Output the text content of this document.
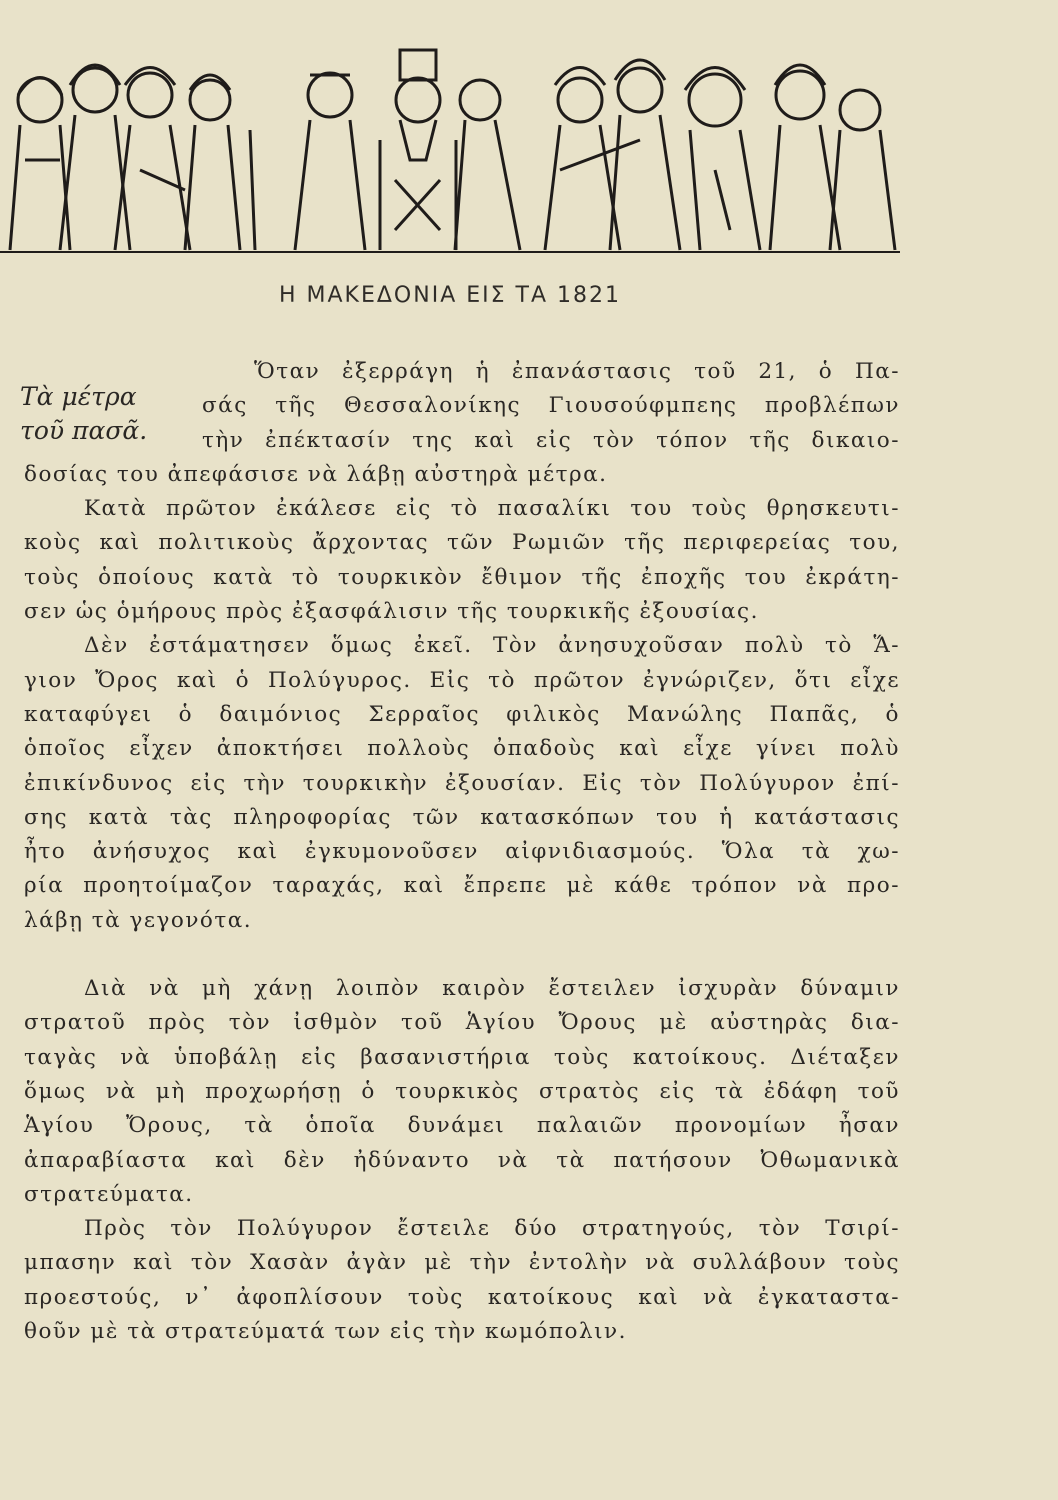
Η ΜΑΚΕΔΟΝΙΑ ΕΙΣ ΤΑ 1821
Τὰ μέτρα
τοῦ πασᾶ.
Ὅταν ἐξερράγη ἡ ἐπανάστασις τοῦ 21, ὁ Πα-
σάς τῆς Θεσσαλονίκης Γιουσούφμπεης προβλέπων
τὴν ἐπέκτασίν της καὶ εἰς τὸν τόπον τῆς δικαιο-
δοσίας του ἀπεφάσισε νὰ λάβῃ αὐστηρὰ μέτρα.
Κατὰ πρῶτον ἐκάλεσε εἰς τὸ πασαλίκι του τοὺς θρησκευτι-
κοὺς καὶ πολιτικοὺς ἄρχοντας τῶν Ρωμιῶν τῆς περιφερείας του,
τοὺς ὁποίους κατὰ τὸ τουρκικὸν ἔθιμον τῆς ἐποχῆς του ἐκράτη-
σεν ὡς ὁμήρους πρὸς ἐξασφάλισιν τῆς τουρκικῆς ἐξουσίας.
Δὲν ἐστάματησεν ὅμως ἐκεῖ. Τὸν ἀνησυχοῦσαν πολὺ τὸ Ἅ-
γιον Ὄρος καὶ ὁ Πολύγυρος. Εἰς τὸ πρῶτον ἐγνώριζεν, ὅτι εἶχε
καταφύγει ὁ δαιμόνιος Σερραῖος φιλικὸς Μανώλης Παπᾶς, ὁ
ὁποῖος εἶχεν ἀποκτήσει πολλοὺς ὀπαδοὺς καὶ εἶχε γίνει πολὺ
ἐπικίνδυνος εἰς τὴν τουρκικὴν ἐξουσίαν. Εἰς τὸν Πολύγυρον ἐπί-
σης κατὰ τὰς πληροφορίας τῶν κατασκόπων του ἡ κατάστασις
ἦτο ἀνήσυχος καὶ ἐγκυμονοῦσεν αἰφνιδιασμούς. Ὅλα τὰ χω-
ρία προητοίμαζον ταραχάς, καὶ ἔπρεπε μὲ κάθε τρόπον νὰ προ-
λάβῃ τὰ γεγονότα.
Διὰ νὰ μὴ χάνῃ λοιπὸν καιρὸν ἔστειλεν ἰσχυρὰν δύναμιν
στρατοῦ πρὸς τὸν ἰσθμὸν τοῦ Ἁγίου Ὄρους μὲ αὐστηρὰς δια-
ταγὰς νὰ ὑποβάλῃ εἰς βασανιστήρια τοὺς κατοίκους. Διέταξεν
ὅμως νὰ μὴ προχωρήσῃ ὁ τουρκικὸς στρατὸς εἰς τὰ ἐδάφη τοῦ
Ἁγίου Ὄρους, τὰ ὁποῖα δυνάμει παλαιῶν προνομίων ἦσαν
ἀπαραβίαστα καὶ δὲν ἠδύναντο νὰ τὰ πατήσουν Ὀθωμανικὰ
στρατεύματα.
Πρὸς τὸν Πολύγυρον ἔστειλε δύο στρατηγούς, τὸν Τσιρί-
μπασην καὶ τὸν Χασὰν ἀγὰν μὲ τὴν ἐντολὴν νὰ συλλάβουν τοὺς
προεστούς, ν᾿ ἀφοπλίσουν τοὺς κατοίκους καὶ νὰ ἐγκαταστα-
θοῦν μὲ τὰ στρατεύματά των εἰς τὴν κωμόπολιν.
